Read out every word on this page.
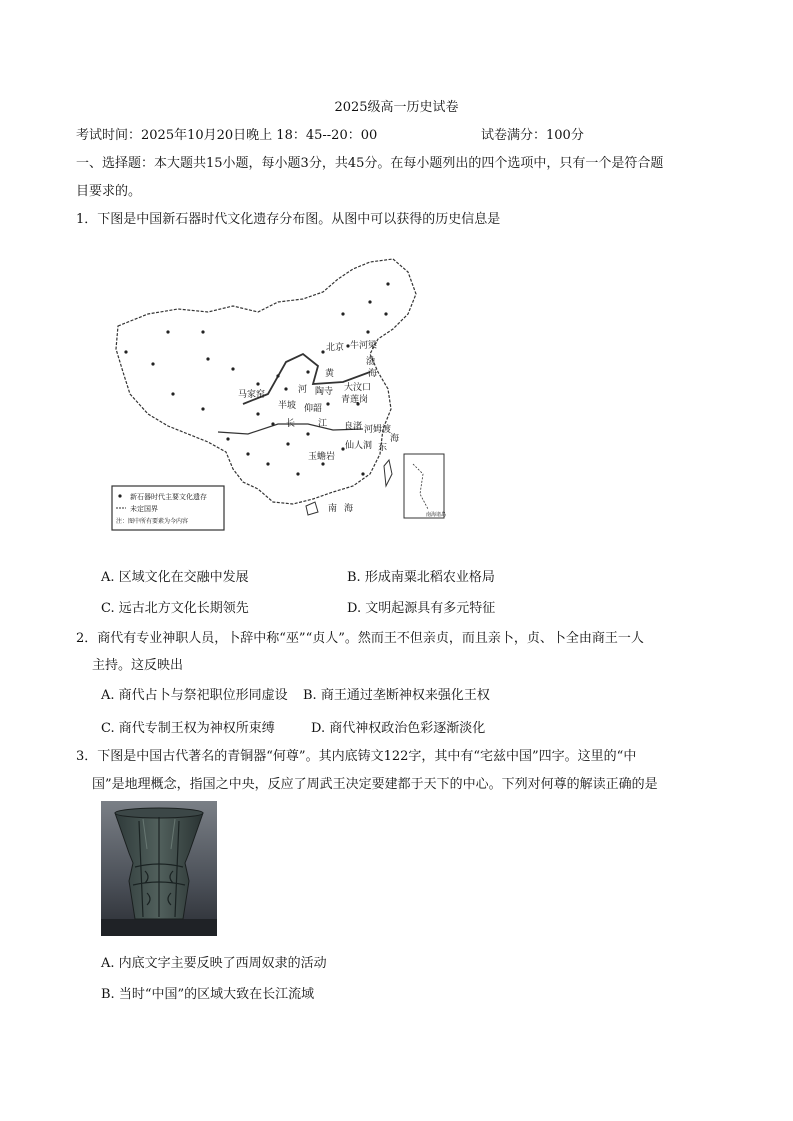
2025级高一历史试卷
考试时间：2025年10月20日晚上 18：45--20：00	试卷满分：100分
一、选择题：本大题共15小题，每小题3分，共45分。在每小题列出的四个选项中，只有一个是符合题
目要求的。
1．下图是中国新石器时代文化遗存分布图。从图中可以获得的历史信息是
北京 牛河梁
黄
河
马家窑
半坡 仰韶
陶寺 大汶口
青莲岗
长	江 良渚 河姆渡
仙人洞 东
海
玉蟾岩
南 海
渤
海
南海诸岛
新石器时代主要文化遗存
未定国界
注：图中所有要素为今内容
A. 区域文化在交融中发展	B. 形成南粟北稻农业格局
C. 远古北方文化长期领先	D. 文明起源具有多元特征
2．商代有专业神职人员，卜辞中称“巫”“贞人”。然而王不但亲贞，而且亲卜，贞、卜全由商王一人
主持。这反映出
A. 商代占卜与祭祀职位形同虚设 B. 商王通过垄断神权来强化王权
C. 商代专制王权为神权所束缚	D. 商代神权政治色彩逐渐淡化
3．下图是中国古代著名的青铜器“何尊”。其内底铸文122字，其中有“宅兹中国”四字。这里的“中
国”是地理概念，指国之中央，反应了周武王决定要建都于天下的中心。下列对何尊的解读正确的是
A. 内底文字主要反映了西周奴隶的活动
B. 当时“中国”的区域大致在长江流域
